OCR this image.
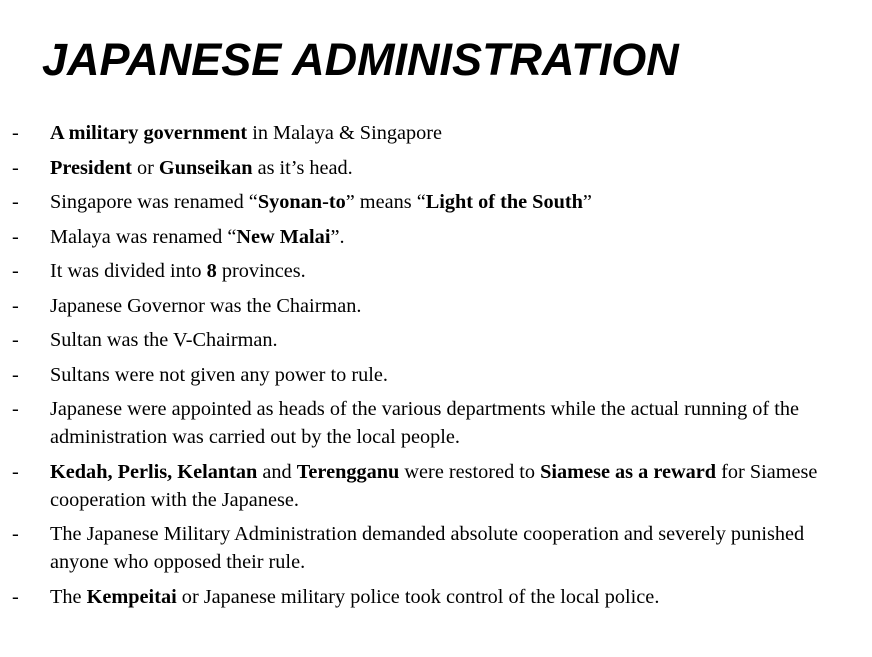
JAPANESE ADMINISTRATION
- A military government in Malaya & Singapore
- President or Gunseikan as it’s head.
- Singapore was renamed “Syonan-to” means “Light of the South”
- Malaya was renamed “New Malai”.
- It was divided into 8 provinces.
- Japanese Governor was the Chairman.
- Sultan was the V-Chairman.
- Sultans were not given any power to rule.
- Japanese were appointed as heads of the various departments while the actual running of the administration was carried out by the local people.
- Kedah, Perlis, Kelantan and Terengganu were restored to Siamese as a reward for Siamese cooperation with the Japanese.
- The Japanese Military Administration demanded absolute cooperation and severely punished anyone who opposed their rule.
- The Kempeitai or Japanese military police took control of the local police.
